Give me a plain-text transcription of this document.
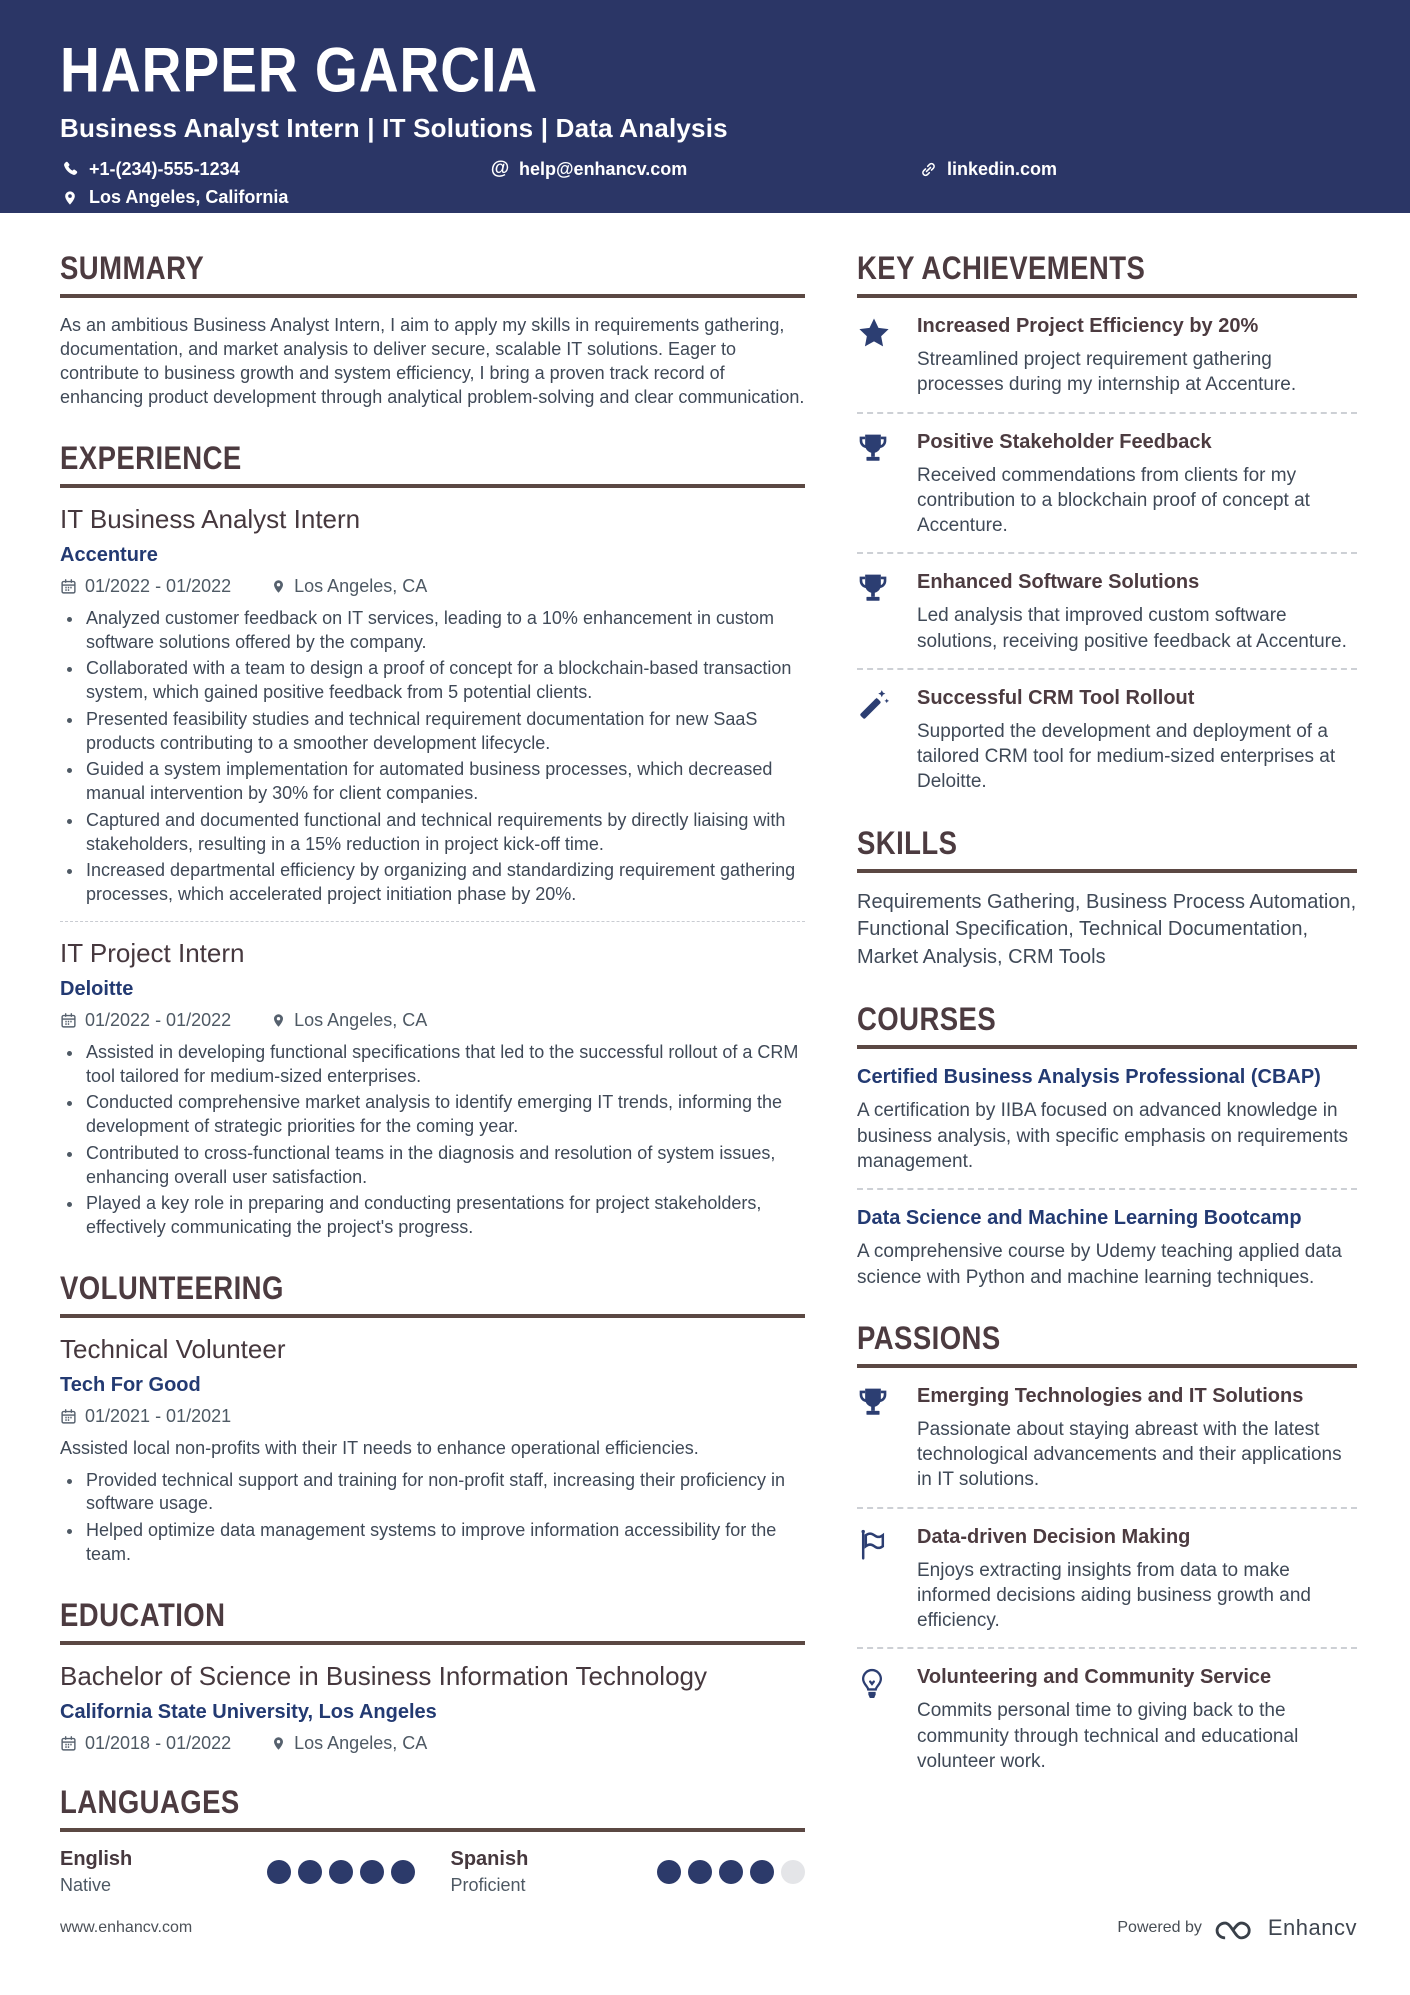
HARPER GARCIA
Business Analyst Intern | IT Solutions | Data Analysis
+1-(234)-555-1234	@ help@enhancv.com	linkedin.com
Los Angeles, California
SUMMARY

As an ambitious Business Analyst Intern, I aim to apply my skills in requirements gathering, documentation, and market analysis to deliver secure, scalable IT solutions. Eager to contribute to business growth and system efficiency, I bring a proven track record of enhancing product development through analytical problem-solving and clear communication.

EXPERIENCE
IT Business Analyst Intern
Accenture
01/2022 - 01/2022	Los Angeles, CA
Analyzed customer feedback on IT services, leading to a 10% enhancement in custom software solutions offered by the company.
Collaborated with a team to design a proof of concept for a blockchain-based transaction system, which gained positive feedback from 5 potential clients.
Presented feasibility studies and technical requirement documentation for new SaaS products contributing to a smoother development lifecycle.
Guided a system implementation for automated business processes, which decreased manual intervention by 30% for client companies.
Captured and documented functional and technical requirements by directly liaising with stakeholders, resulting in a 15% reduction in project kick-off time.
Increased departmental efficiency by organizing and standardizing requirement gathering processes, which accelerated project initiation phase by 20%.
IT Project Intern
Deloitte
01/2022 - 01/2022	Los Angeles, CA
Assisted in developing functional specifications that led to the successful rollout of a CRM tool tailored for medium-sized enterprises.
Conducted comprehensive market analysis to identify emerging IT trends, informing the development of strategic priorities for the coming year.
Contributed to cross-functional teams in the diagnosis and resolution of system issues, enhancing overall user satisfaction.
Played a key role in preparing and conducting presentations for project stakeholders, effectively communicating the project's progress.
VOLUNTEERING
Technical Volunteer
Tech For Good
01/2021 - 01/2021

Assisted local non-profits with their IT needs to enhance operational efficiencies.

Provided technical support and training for non-profit staff, increasing their proficiency in software usage.
Helped optimize data management systems to improve information accessibility for the team.
EDUCATION
Bachelor of Science in Business Information Technology
California State University, Los Angeles
01/2018 - 01/2022	Los Angeles, CA
LANGUAGES
English
Native
Spanish
Proficient
KEY ACHIEVEMENTS
Increased Project Efficiency by 20%
Streamlined project requirement gathering processes during my internship at Accenture.
Positive Stakeholder Feedback
Received commendations from clients for my contribution to a blockchain proof of concept at Accenture.
Enhanced Software Solutions
Led analysis that improved custom software solutions, receiving positive feedback at Accenture.
Successful CRM Tool Rollout
Supported the development and deployment of a tailored CRM tool for medium-sized enterprises at Deloitte.
SKILLS

Requirements Gathering, Business Process Automation, Functional Specification, Technical Documentation, Market Analysis, CRM Tools

COURSES
Certified Business Analysis Professional (CBAP)
A certification by IIBA focused on advanced knowledge in business analysis, with specific emphasis on requirements management.
Data Science and Machine Learning Bootcamp
A comprehensive course by Udemy teaching applied data science with Python and machine learning techniques.
PASSIONS
Emerging Technologies and IT Solutions
Passionate about staying abreast with the latest technological advancements and their applications in IT solutions.
Data-driven Decision Making
Enjoys extracting insights from data to make informed decisions aiding business growth and efficiency.
Volunteering and Community Service
Commits personal time to giving back to the community through technical and educational volunteer work.
www.enhancv.com	Powered by	Enhancv
